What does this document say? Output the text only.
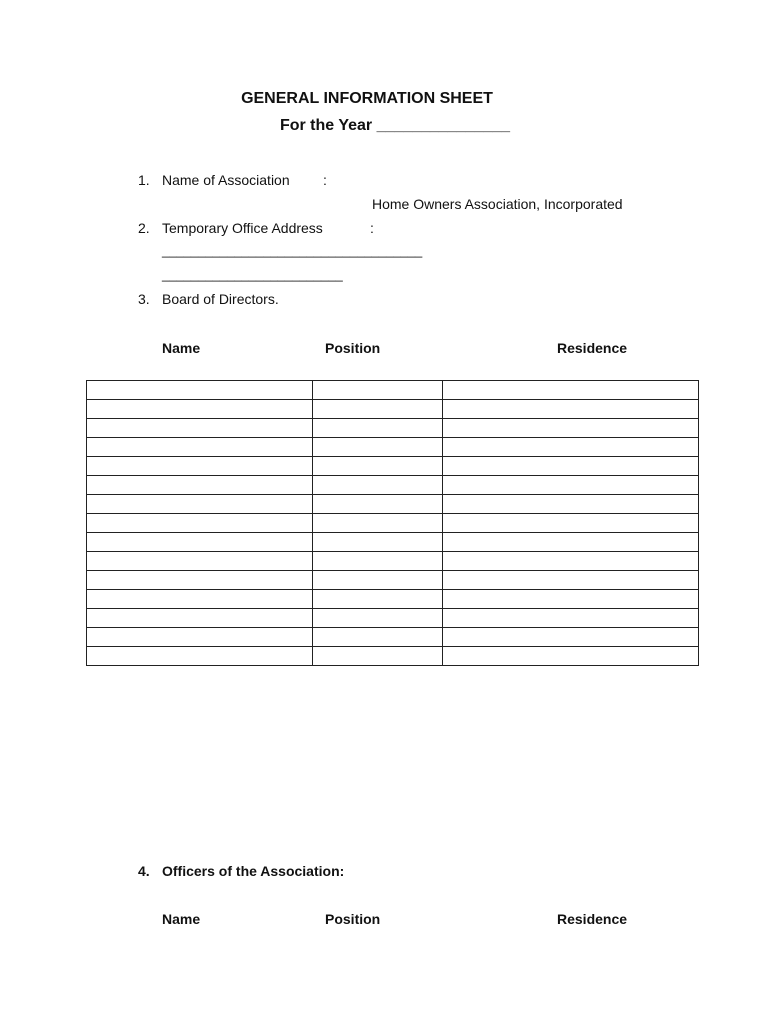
GENERAL INFORMATION SHEET
For the Year _______________
1. Name of Association :
Home Owners Association, Incorporated
2. Temporary Office Address	:
____________________________________
_________________________
3. Board of Directors.
Name	Position	Residence

4. Officers of the Association:
Name	Position	Residence
